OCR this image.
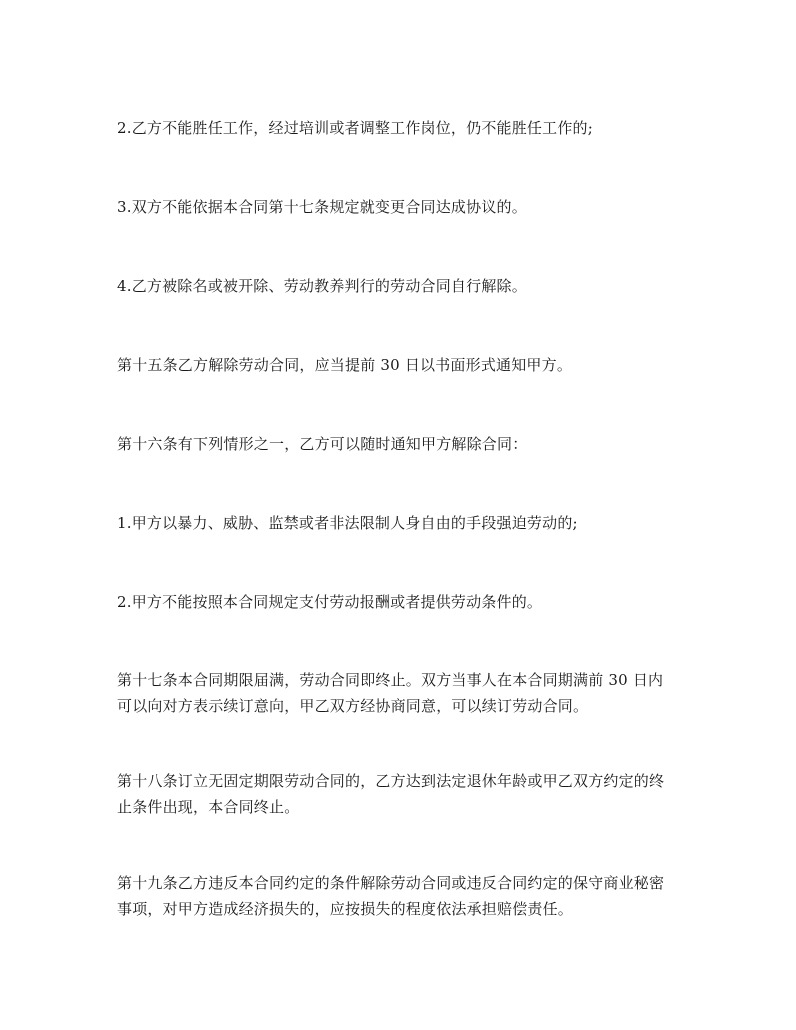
2.乙方不能胜任工作，经过培训或者调整工作岗位，仍不能胜任工作的;
3.双方不能依据本合同第十七条规定就变更合同达成协议的。
4.乙方被除名或被开除、劳动教养判行的劳动合同自行解除。
第十五条乙方解除劳动合同，应当提前 30 日以书面形式通知甲方。
第十六条有下列情形之一，乙方可以随时通知甲方解除合同：
1.甲方以暴力、威胁、监禁或者非法限制人身自由的手段强迫劳动的;
2.甲方不能按照本合同规定支付劳动报酬或者提供劳动条件的。
第十七条本合同期限届满，劳动合同即终止。双方当事人在本合同期满前 30 日内
可以向对方表示续订意向，甲乙双方经协商同意，可以续订劳动合同。
第十八条订立无固定期限劳动合同的，乙方达到法定退休年龄或甲乙双方约定的终
止条件出现，本合同终止。
第十九条乙方违反本合同约定的条件解除劳动合同或违反合同约定的保守商业秘密
事项，对甲方造成经济损失的，应按损失的程度依法承担赔偿责任。
